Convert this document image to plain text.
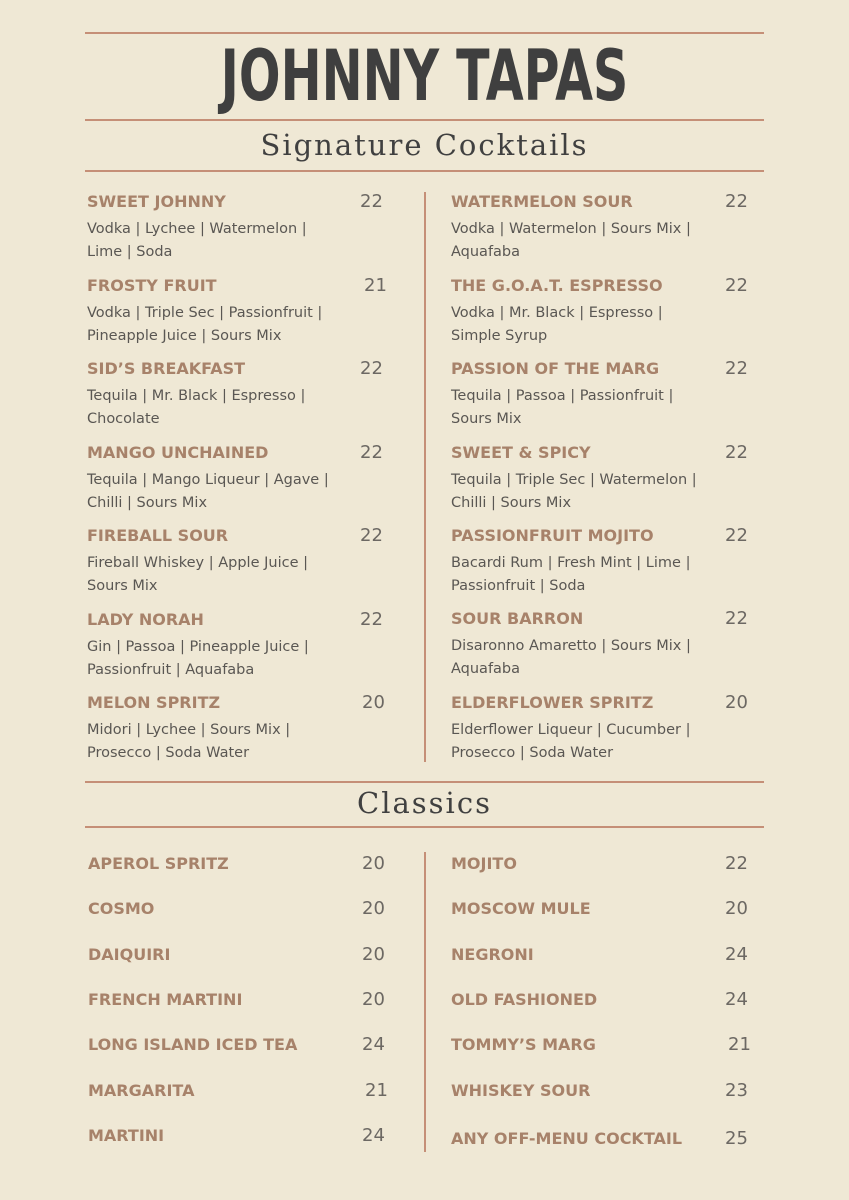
JOHNNY TAPAS
Signature Cocktails
SWEET JOHNNY	22
Vodka | Lychee | Watermelon |
Lime | Soda
FROSTY FRUIT	21
Vodka | Triple Sec | Passionfruit |
Pineapple Juice | Sours Mix
SID’S BREAKFAST	22
Tequila | Mr. Black | Espresso |
Chocolate
MANGO UNCHAINED	22
Tequila | Mango Liqueur | Agave |
Chilli | Sours Mix
FIREBALL SOUR	22
Fireball Whiskey | Apple Juice |
Sours Mix
LADY NORAH	22
Gin | Passoa | Pineapple Juice |
Passionfruit | Aquafaba
MELON SPRITZ	20
Midori | Lychee | Sours Mix |
Prosecco | Soda Water
WATERMELON SOUR	22
Vodka | Watermelon | Sours Mix |
Aquafaba
THE G.O.A.T. ESPRESSO	22
Vodka | Mr. Black | Espresso |
Simple Syrup
PASSION OF THE MARG	22
Tequila | Passoa | Passionfruit |
Sours Mix
SWEET & SPICY	22
Tequila | Triple Sec | Watermelon |
Chilli | Sours Mix
PASSIONFRUIT MOJITO	22
Bacardi Rum | Fresh Mint | Lime |
Passionfruit | Soda
SOUR BARRON	22
Disaronno Amaretto | Sours Mix |
Aquafaba
ELDERFLOWER SPRITZ	20
Elderflower Liqueur | Cucumber |
Prosecco | Soda Water
Classics
APEROL SPRITZ	20
COSMO	20
DAIQUIRI	20
FRENCH MARTINI	20
LONG ISLAND ICED TEA	24
MARGARITA	21
MARTINI	24
MOJITO	22
MOSCOW MULE	20
NEGRONI	24
OLD FASHIONED	24
TOMMY’S MARG	21
WHISKEY SOUR	23
ANY OFF-MENU COCKTAIL	25
